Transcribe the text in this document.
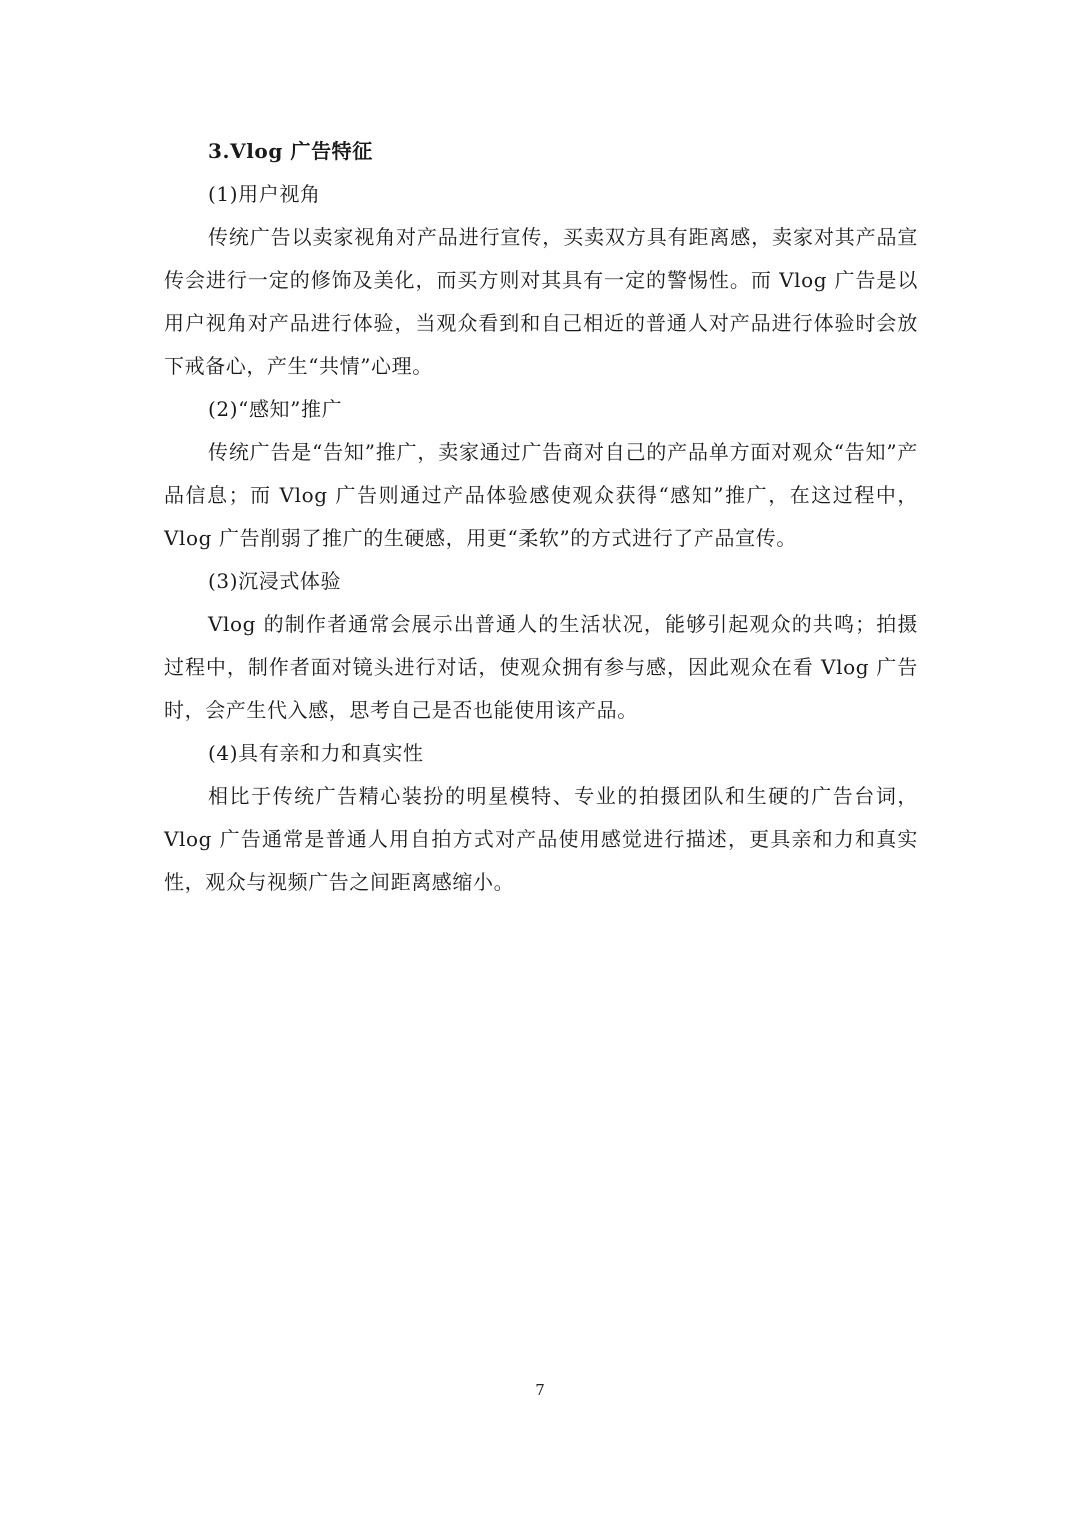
3.Vlog 广告特征

(1)用户视角

传统广告以卖家视角对产品进行宣传，买卖双方具有距离感，卖家对其产品宣传会进行一定的修饰及美化，而买方则对其具有一定的警惕性。而 Vlog 广告是以用户视角对产品进行体验，当观众看到和自己相近的普通人对产品进行体验时会放下戒备心，产生“共情”心理。

(2)“感知”推广

传统广告是“告知”推广，卖家通过广告商对自己的产品单方面对观众“告知”产品信息；而 Vlog 广告则通过产品体验感使观众获得“感知”推广，在这过程中，Vlog 广告削弱了推广的生硬感，用更“柔软”的方式进行了产品宣传。

(3)沉浸式体验

Vlog 的制作者通常会展示出普通人的生活状况，能够引起观众的共鸣；拍摄过程中，制作者面对镜头进行对话，使观众拥有参与感，因此观众在看 Vlog 广告时，会产生代入感，思考自己是否也能使用该产品。

(4)具有亲和力和真实性

相比于传统广告精心装扮的明星模特、专业的拍摄团队和生硬的广告台词，Vlog 广告通常是普通人用自拍方式对产品使用感觉进行描述，更具亲和力和真实性，观众与视频广告之间距离感缩小。

7
